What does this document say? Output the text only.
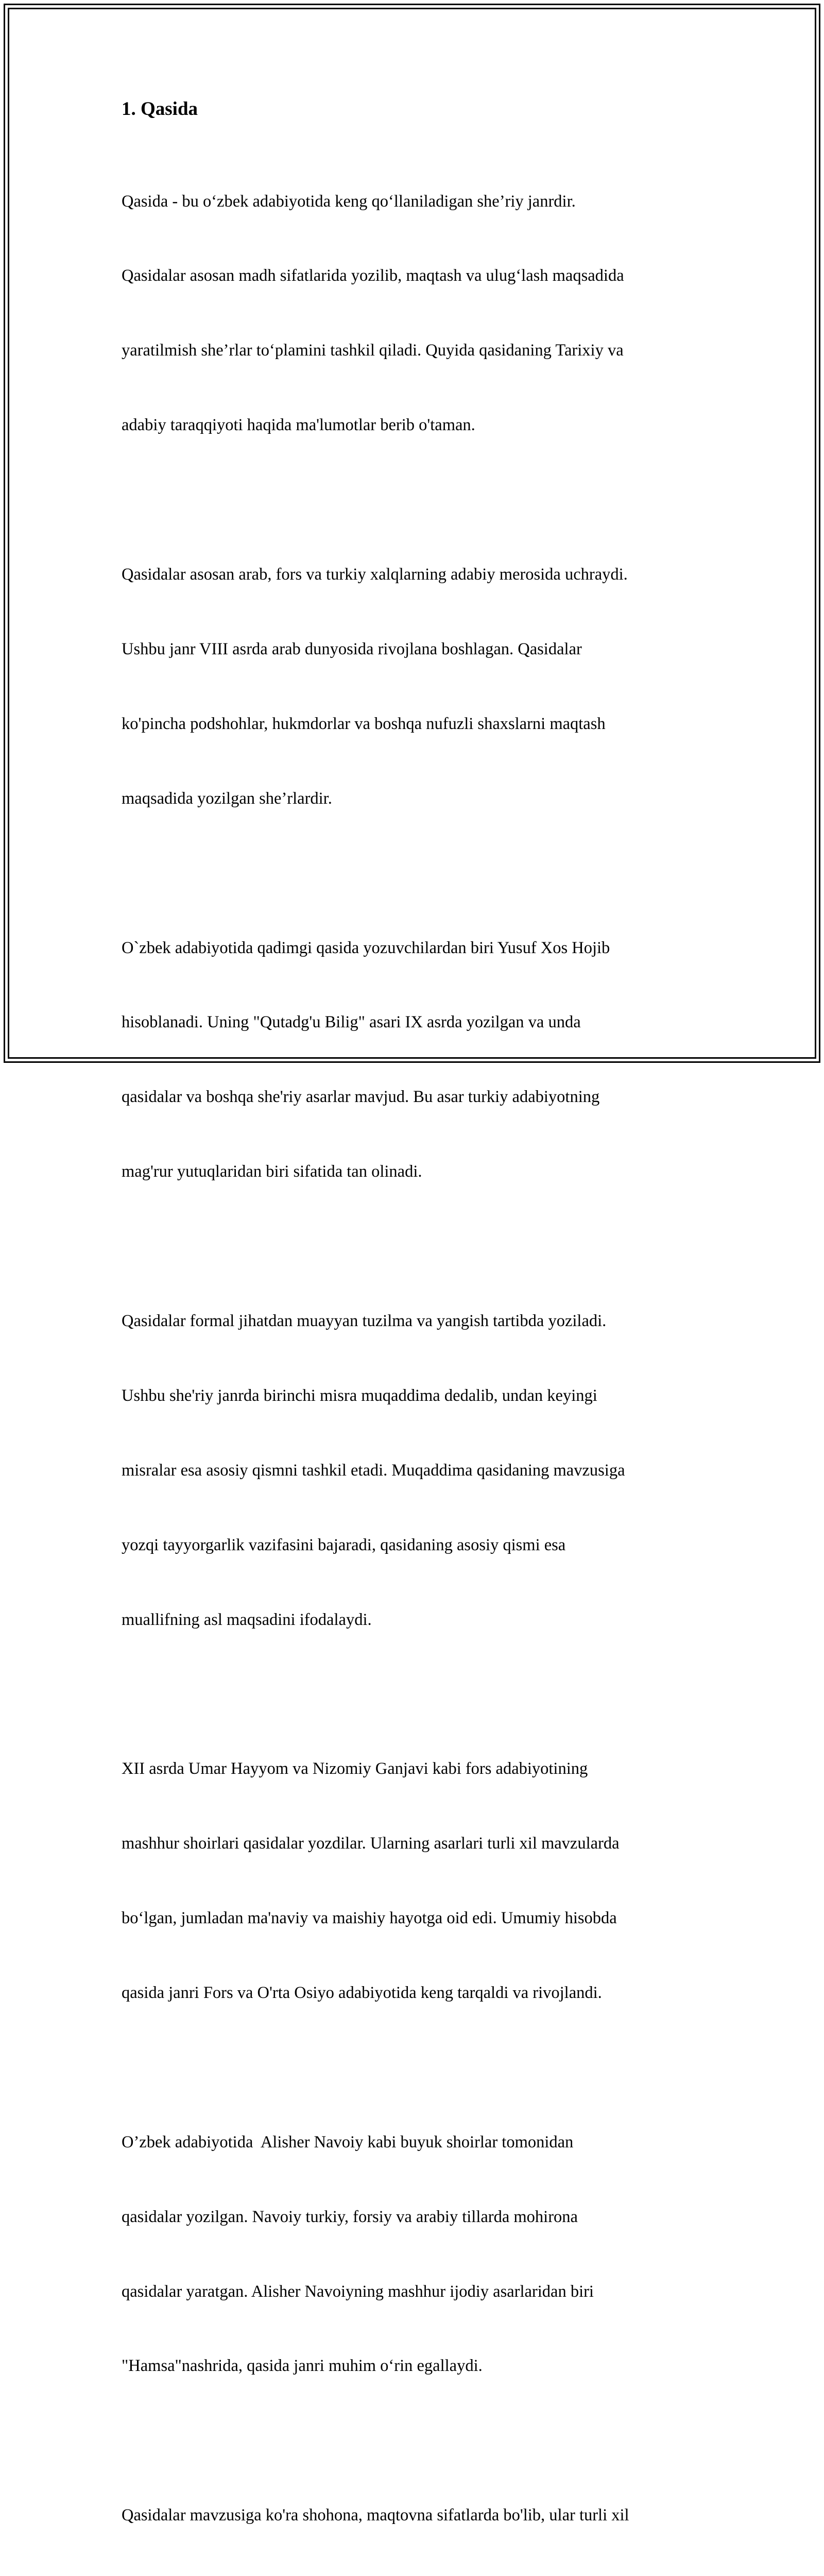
1. Qasida

Qasida - bu o‘zbek adabiyotida keng qo‘llaniladigan she’riy janrdir.

Qasidalar asosan madh sifatlarida yozilib, maqtash va ulug‘lash maqsadida

yaratilmish she’rlar to‘plamini tashkil qiladi. Quyida qasidaning Tarixiy va

adabiy taraqqiyoti haqida ma'lumotlar berib o'taman.

Qasidalar asosan arab, fors va turkiy xalqlarning adabiy merosida uchraydi.

Ushbu janr VIII asrda arab dunyosida rivojlana boshlagan. Qasidalar

ko'pincha podshohlar, hukmdorlar va boshqa nufuzli shaxslarni maqtash

maqsadida yozilgan she’rlardir.

O`zbek adabiyotida qadimgi qasida yozuvchilardan biri Yusuf Xos Hojib

hisoblanadi. Uning "Qutadg'u Bilig" asari IX asrda yozilgan va unda

qasidalar va boshqa she'riy asarlar mavjud. Bu asar turkiy adabiyotning

mag'rur yutuqlaridan biri sifatida tan olinadi.

Qasidalar formal jihatdan muayyan tuzilma va yangish tartibda yoziladi.

Ushbu she'riy janrda birinchi misra muqaddima dedalib, undan keyingi

misralar esa asosiy qismni tashkil etadi. Muqaddima qasidaning mavzusiga

yozqi tayyorgarlik vazifasini bajaradi, qasidaning asosiy qismi esa

muallifning asl maqsadini ifodalaydi.

XII asrda Umar Hayyom va Nizomiy Ganjavi kabi fors adabiyotining

mashhur shoirlari qasidalar yozdilar. Ularning asarlari turli xil mavzularda

bo‘lgan, jumladan ma'naviy va maishiy hayotga oid edi. Umumiy hisobda

qasida janri Fors va O'rta Osiyo adabiyotida keng tarqaldi va rivojlandi.

O’zbek adabiyotida  Alisher Navoiy kabi buyuk shoirlar tomonidan

qasidalar yozilgan. Navoiy turkiy, forsiy va arabiy tillarda mohirona

qasidalar yaratgan. Alisher Navoiyning mashhur ijodiy asarlaridan biri

"Hamsa"nashrida, qasida janri muhim o‘rin egallaydi.

Qasidalar mavzusiga ko'ra shohona, maqtovna sifatlarda bo'lib, ular turli xil
